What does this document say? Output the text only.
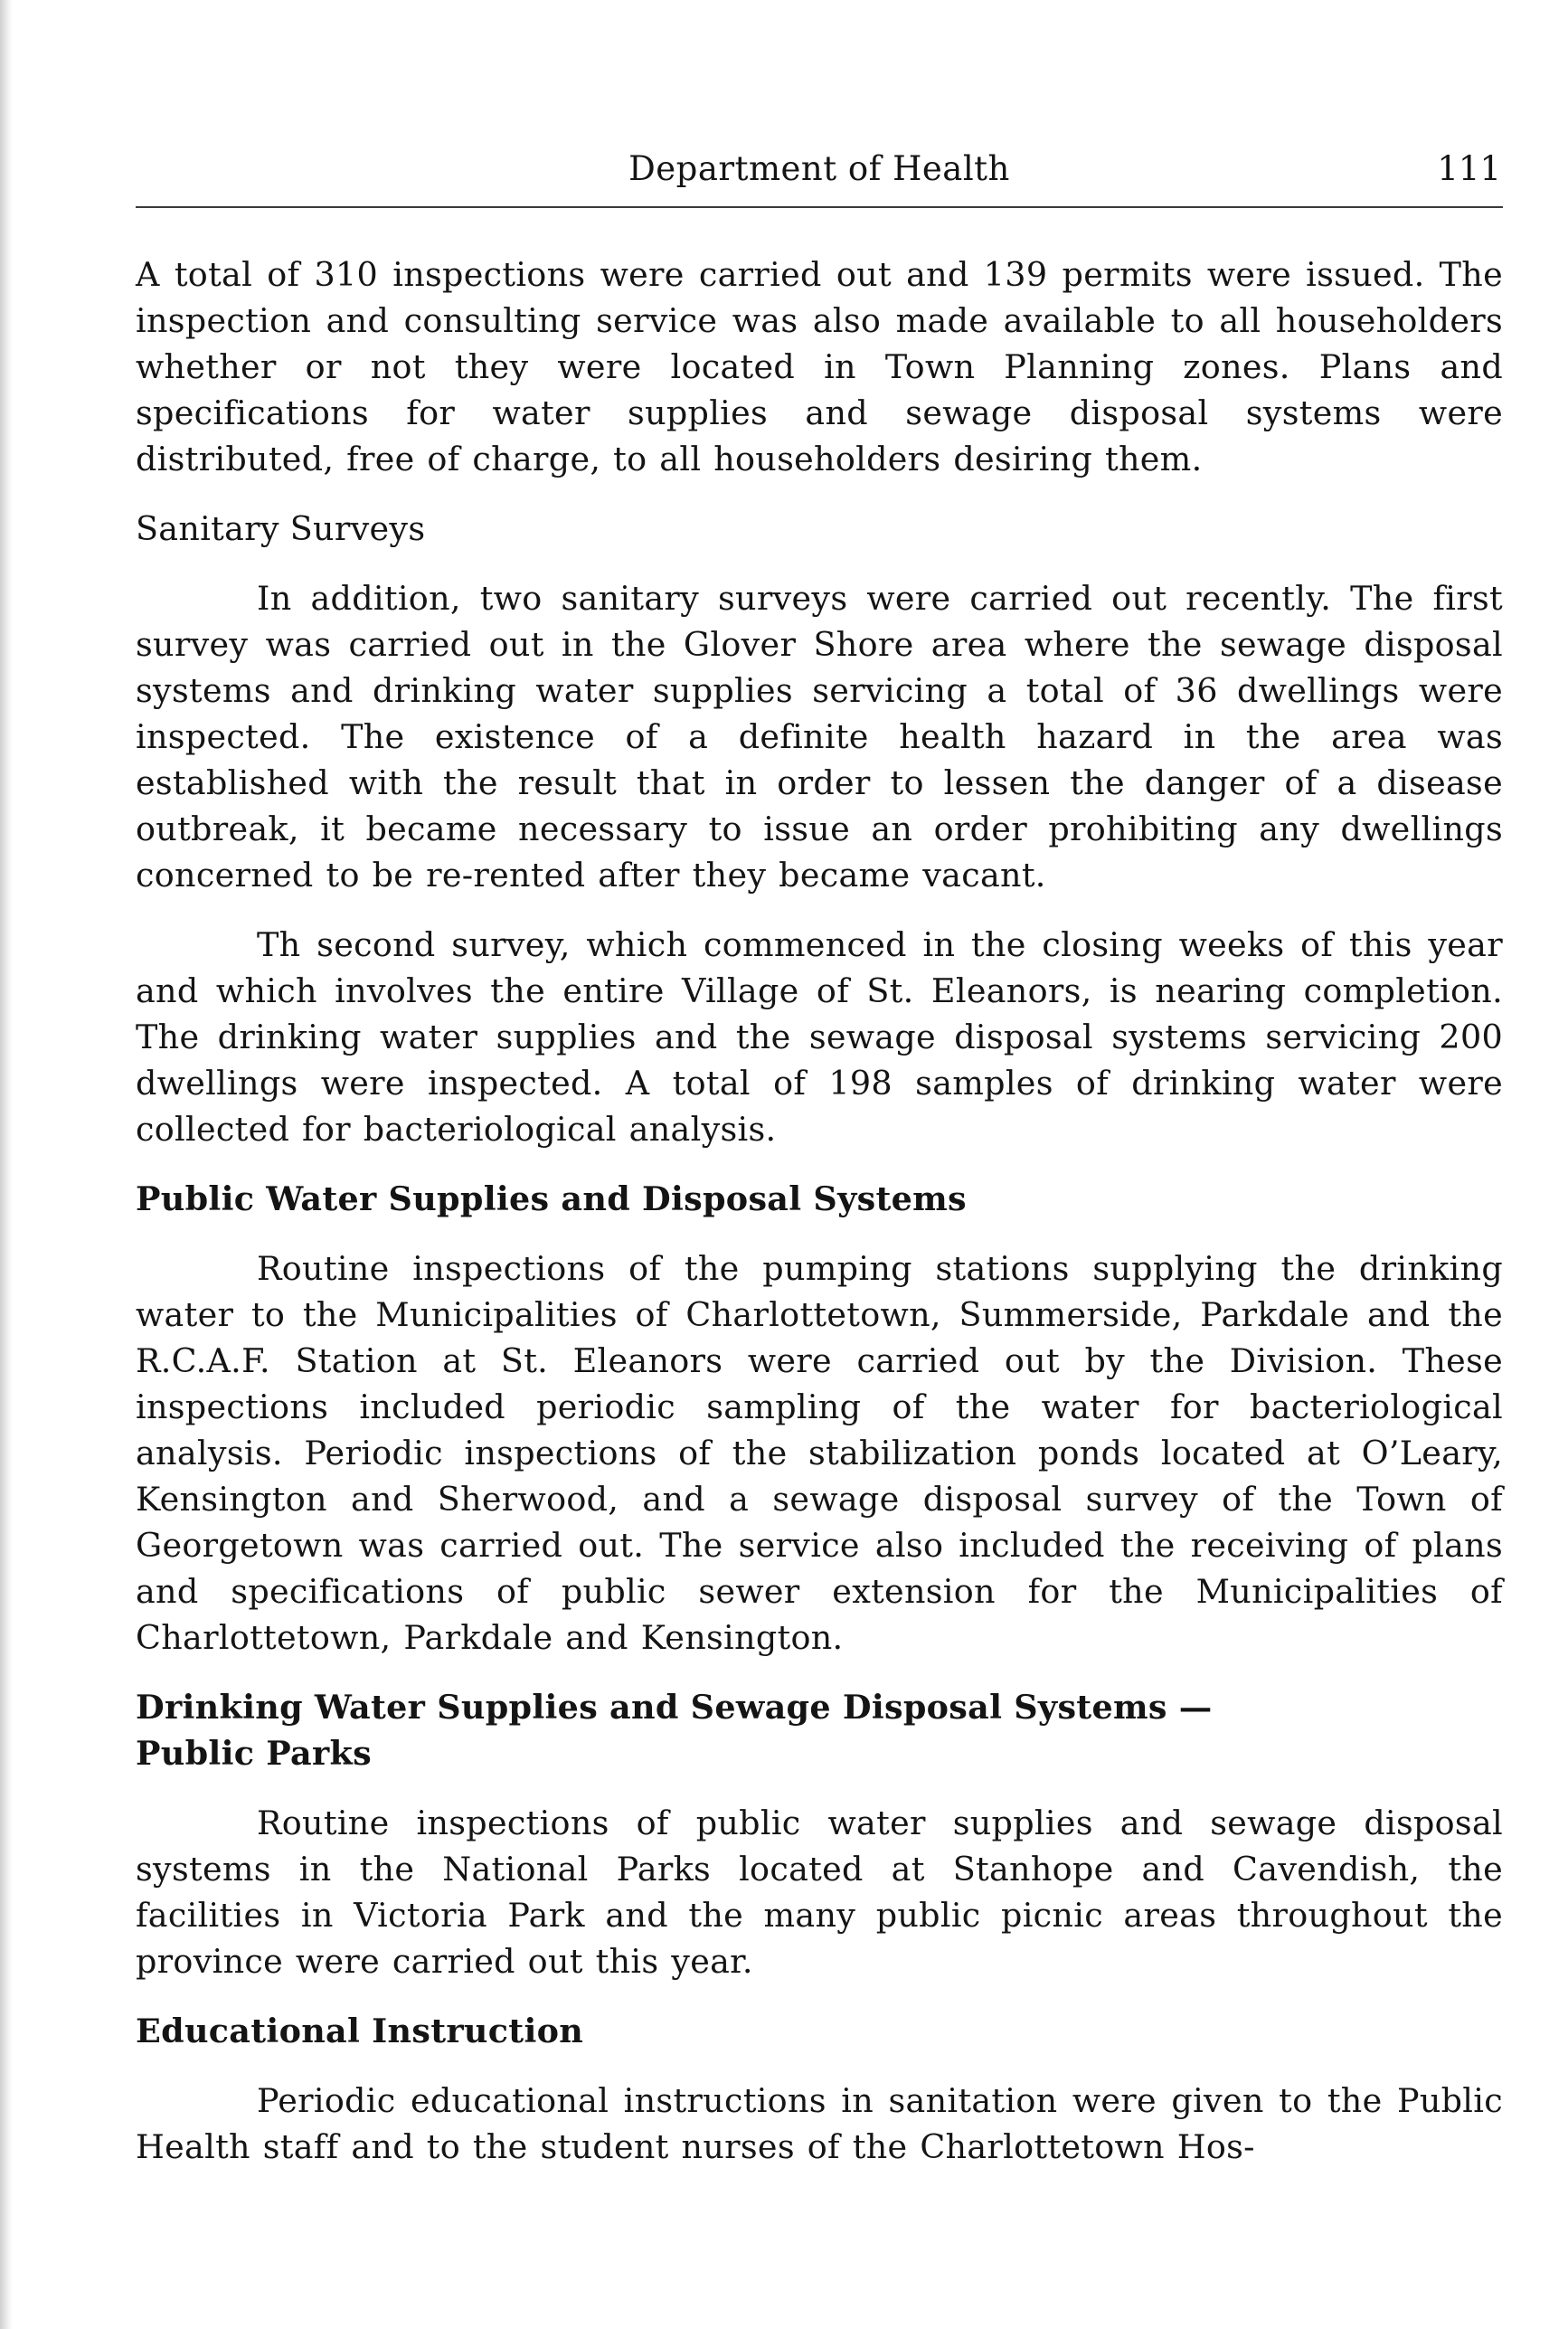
Department of Health	111

A total of 310 inspections were carried out and 139 permits were issued. The inspection and consulting service was also made available to all householders whether or not they were located in Town Planning zones. Plans and specifications for water supplies and sewage disposal systems were distributed, free of charge, to all householders desiring them.

Sanitary Surveys

In addition, two sanitary surveys were carried out recently. The first survey was carried out in the Glover Shore area where the sewage disposal systems and drinking water supplies servicing a total of 36 dwellings were inspected. The existence of a definite health hazard in the area was established with the result that in order to lessen the danger of a disease outbreak, it became necessary to issue an order prohibiting any dwellings concerned to be re-rented after they became vacant.

Th second survey, which commenced in the closing weeks of this year and which involves the entire Village of St. Eleanors, is nearing completion. The drinking water supplies and the sewage disposal systems servicing 200 dwellings were inspected. A total of 198 samples of drinking water were collected for bacteriological analysis.

Public Water Supplies and Disposal Systems

Routine inspections of the pumping stations supplying the drinking water to the Municipalities of Charlottetown, Summerside, Parkdale and the R.C.A.F. Station at St. Eleanors were carried out by the Division. These inspections included periodic sampling of the water for bacteriological analysis. Periodic inspections of the stabilization ponds located at O’Leary, Kensington and Sherwood, and a sewage disposal survey of the Town of Georgetown was carried out. The service also included the receiving of plans and specifications of public sewer extension for the Municipalities of Charlottetown, Parkdale and Kensington.

Drinking Water Supplies and Sewage Disposal Systems —
Public Parks

Routine inspections of public water supplies and sewage disposal systems in the National Parks located at Stanhope and Cavendish, the facilities in Victoria Park and the many public picnic areas throughout the province were carried out this year.

Educational Instruction

Periodic educational instructions in sanitation were given to the Public Health staff and to the student nurses of the Charlottetown Hos-
